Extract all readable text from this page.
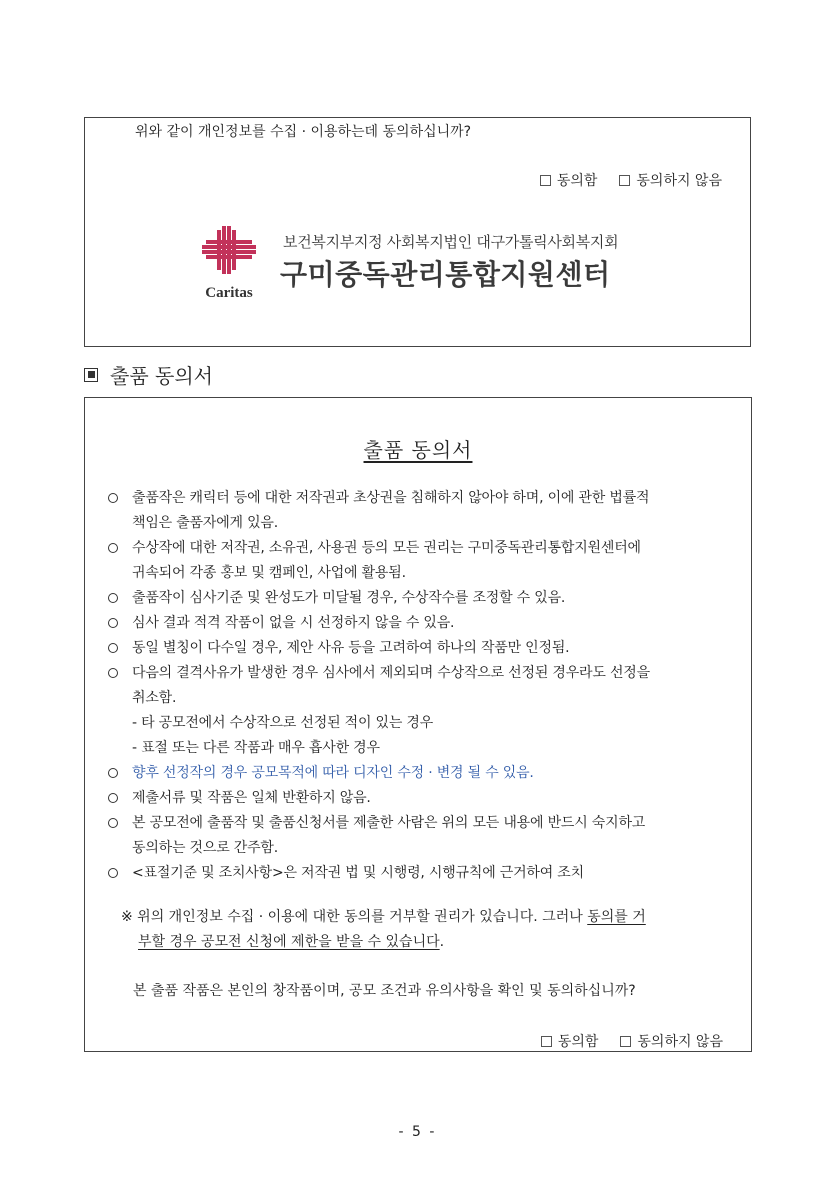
위와 같이 개인정보를 수집 · 이용하는데 동의하십니까?
동의함	동의하지 않음
Caritas
보건복지부지정 사회복지법인 대구가톨릭사회복지회
구미중독관리통합지원센터
출품 동의서
출품 동의서
출품작은 캐릭터 등에 대한 저작권과 초상권을 침해하지 않아야 하며, 이에 관한 법률적
책임은 출품자에게 있음.
수상작에 대한 저작권, 소유권, 사용권 등의 모든 권리는 구미중독관리통합지원센터에
귀속되어 각종 홍보 및 캠페인, 사업에 활용됨.
출품작이 심사기준 및 완성도가 미달될 경우, 수상작수를 조정할 수 있음.
심사 결과 적격 작품이 없을 시 선정하지 않을 수 있음.
동일 별칭이 다수일 경우, 제안 사유 등을 고려하여 하나의 작품만 인정됨.
다음의 결격사유가 발생한 경우 심사에서 제외되며 수상작으로 선정된 경우라도 선정을
취소함.
- 타 공모전에서 수상작으로 선정된 적이 있는 경우
- 표절 또는 다른 작품과 매우 흡사한 경우
향후 선정작의 경우 공모목적에 따라 디자인 수정 · 변경 될 수 있음.
제출서류 및 작품은 일체 반환하지 않음.
본 공모전에 출품작 및 출품신청서를 제출한 사람은 위의 모든 내용에 반드시 숙지하고
동의하는 것으로 간주함.
<표절기준 및 조치사항>은 저작권 법 및 시행령, 시행규칙에 근거하여 조치
※ 위의 개인정보 수집 · 이용에 대한 동의를 거부할 권리가 있습니다. 그러나 동의를 거
부할 경우 공모전 신청에 제한을 받을 수 있습니다.
본 출품 작품은 본인의 창작품이며, 공모 조건과 유의사항을 확인 및 동의하십니까?
동의함	동의하지 않음
- 5 -
